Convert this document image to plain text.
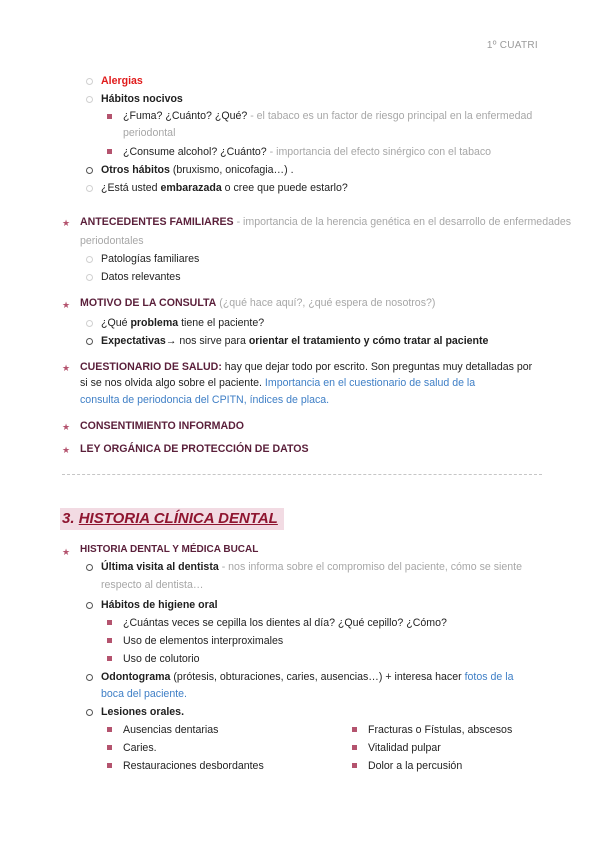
1º CUATRI
Alergias
Hábitos nocivos
¿Fuma? ¿Cuánto? ¿Qué? - el tabaco es un factor de riesgo principal en la enfermedad
periodontal
¿Consume alcohol? ¿Cuánto? - importancia del efecto sinérgico con el tabaco
Otros hábitos (bruxismo, onicofagia…) .
¿Está usted embarazada o cree que puede estarlo?
★ ANTECEDENTES FAMILIARES - importancia de la herencia genética en el desarrollo de enfermedades
periodontales
Patologías familiares
Datos relevantes
★ MOTIVO DE LA CONSULTA (¿qué hace aquí?, ¿qué espera de nosotros?)
¿Qué problema tiene el paciente?
Expectativas→ nos sirve para orientar el tratamiento y cómo tratar al paciente
★ CUESTIONARIO DE SALUD: hay que dejar todo por escrito. Son preguntas muy detalladas por
si se nos olvida algo sobre el paciente. Importancia en el cuestionario de salud de la
consulta de periodoncia del CPITN, índices de placa.
★ CONSENTIMIENTO INFORMADO
★ LEY ORGÁNICA DE PROTECCIÓN DE DATOS
3. HISTORIA CLÍNICA DENTAL
★ HISTORIA DENTAL Y MÉDICA BUCAL
Última visita al dentista - nos informa sobre el compromiso del paciente, cómo se siente
respecto al dentista…
Hábitos de higiene oral
¿Cuántas veces se cepilla los dientes al día? ¿Qué cepillo? ¿Cómo?
Uso de elementos interproximales
Uso de colutorio
Odontograma (prótesis, obturaciones, caries, ausencias…) + interesa hacer fotos de la
boca del paciente.
Lesiones orales.
Ausencias dentarias
Caries.
Restauraciones desbordantes
Fracturas o Fístulas, abscesos
Vitalidad pulpar
Dolor a la percusión
